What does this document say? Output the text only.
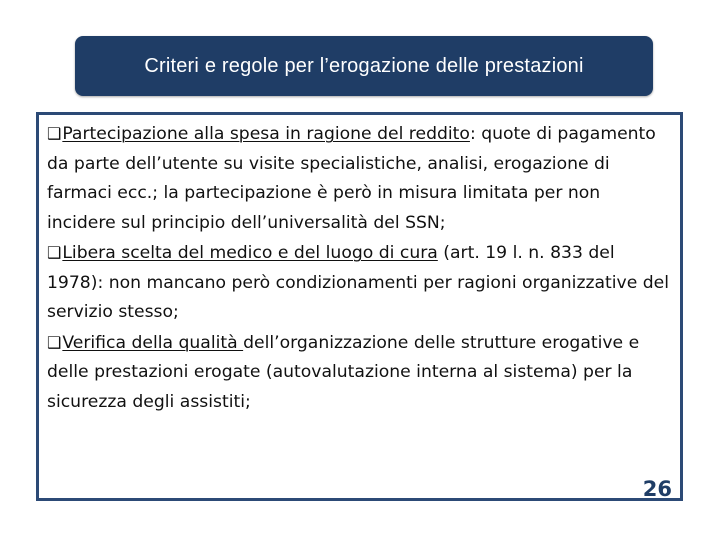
Criteri e regole per l’erogazione delle prestazioni

❑Partecipazione alla spesa in ragione del reddito: quote di pagamento da parte dell’utente su visite specialistiche, analisi, erogazione di farmaci ecc.; la partecipazione è però in misura limitata per non incidere sul principio dell’universalità del SSN;

❑Libera scelta del medico e del luogo di cura (art. 19 l. n. 833 del 1978): non mancano però condizionamenti per ragioni organizzative del servizio stesso;

❑Verifica della qualità dell’organizzazione delle strutture erogative e delle prestazioni erogate (autovalutazione interna al sistema) per la sicurezza degli assistiti;

26
